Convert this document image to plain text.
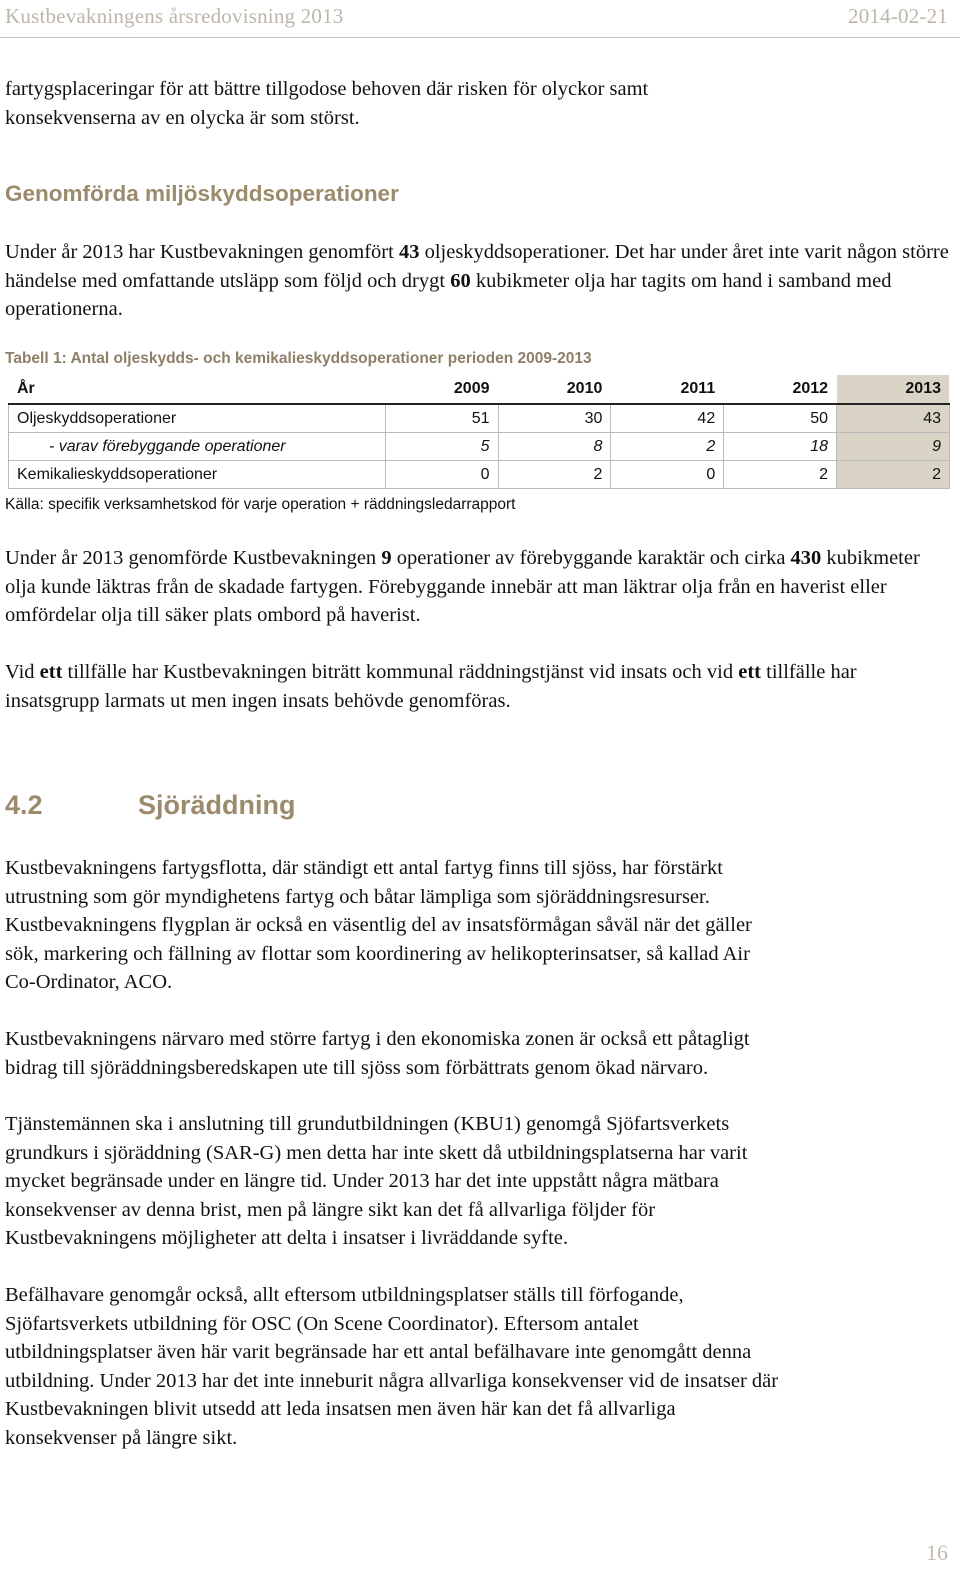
Kustbevakningens årsredovisning 2013	2014-02-21
fartygsplaceringar för att bättre tillgodose behoven där risken för olyckor samt
konsekvenserna av en olycka är som störst.
Genomförda miljöskyddsoperationer

Under år 2013 har Kustbevakningen genomfört 43 oljeskyddsoperationer. Det har under året inte varit någon större händelse med omfattande utsläpp som följd och drygt 60 kubikmeter olja har tagits om hand i samband med operationerna.

Tabell 1: Antal oljeskydds- och kemikalieskyddsoperationer perioden 2009-2013
År	2009	2010	2011	2012	2013
Oljeskyddsoperationer	51	30	42	50	43
- varav förebyggande operationer	5	8	2	18	9
Kemikalieskyddsoperationer	0	2	0	2	2
Källa: specifik verksamhetskod för varje operation + räddningsledarrapport

Under år 2013 genomförde Kustbevakningen 9 operationer av förebyggande karaktär och cirka 430 kubikmeter olja kunde läktras från de skadade fartygen. Förebyggande innebär att man läktrar olja från en haverist eller omfördelar olja till säker plats ombord på haverist.

Vid ett tillfälle har Kustbevakningen biträtt kommunal räddningstjänst vid insats och vid ett tillfälle har insatsgrupp larmats ut men ingen insats behövde genomföras.

4.2	Sjöräddning
Kustbevakningens fartygsflotta, där ständigt ett antal fartyg finns till sjöss, har förstärkt
utrustning som gör myndighetens fartyg och båtar lämpliga som sjöräddningsresurser.
Kustbevakningens flygplan är också en väsentlig del av insatsförmågan såväl när det gäller
sök, markering och fällning av flottar som koordinering av helikopterinsatser, så kallad Air
Co-Ordinator, ACO.
Kustbevakningens närvaro med större fartyg i den ekonomiska zonen är också ett påtagligt
bidrag till sjöräddningsberedskapen ute till sjöss som förbättrats genom ökad närvaro.
Tjänstemännen ska i anslutning till grundutbildningen (KBU1) genomgå Sjöfartsverkets
grundkurs i sjöräddning (SAR-G) men detta har inte skett då utbildningsplatserna har varit
mycket begränsade under en längre tid. Under 2013 har det inte uppstått några mätbara
konsekvenser av denna brist, men på längre sikt kan det få allvarliga följder för
Kustbevakningens möjligheter att delta i insatser i livräddande syfte.
Befälhavare genomgår också, allt eftersom utbildningsplatser ställs till förfogande,
Sjöfartsverkets utbildning för OSC (On Scene Coordinator). Eftersom antalet
utbildningsplatser även här varit begränsade har ett antal befälhavare inte genomgått denna
utbildning. Under 2013 har det inte inneburit några allvarliga konsekvenser vid de insatser där
Kustbevakningen blivit utsedd att leda insatsen men även här kan det få allvarliga
konsekvenser på längre sikt.
16
